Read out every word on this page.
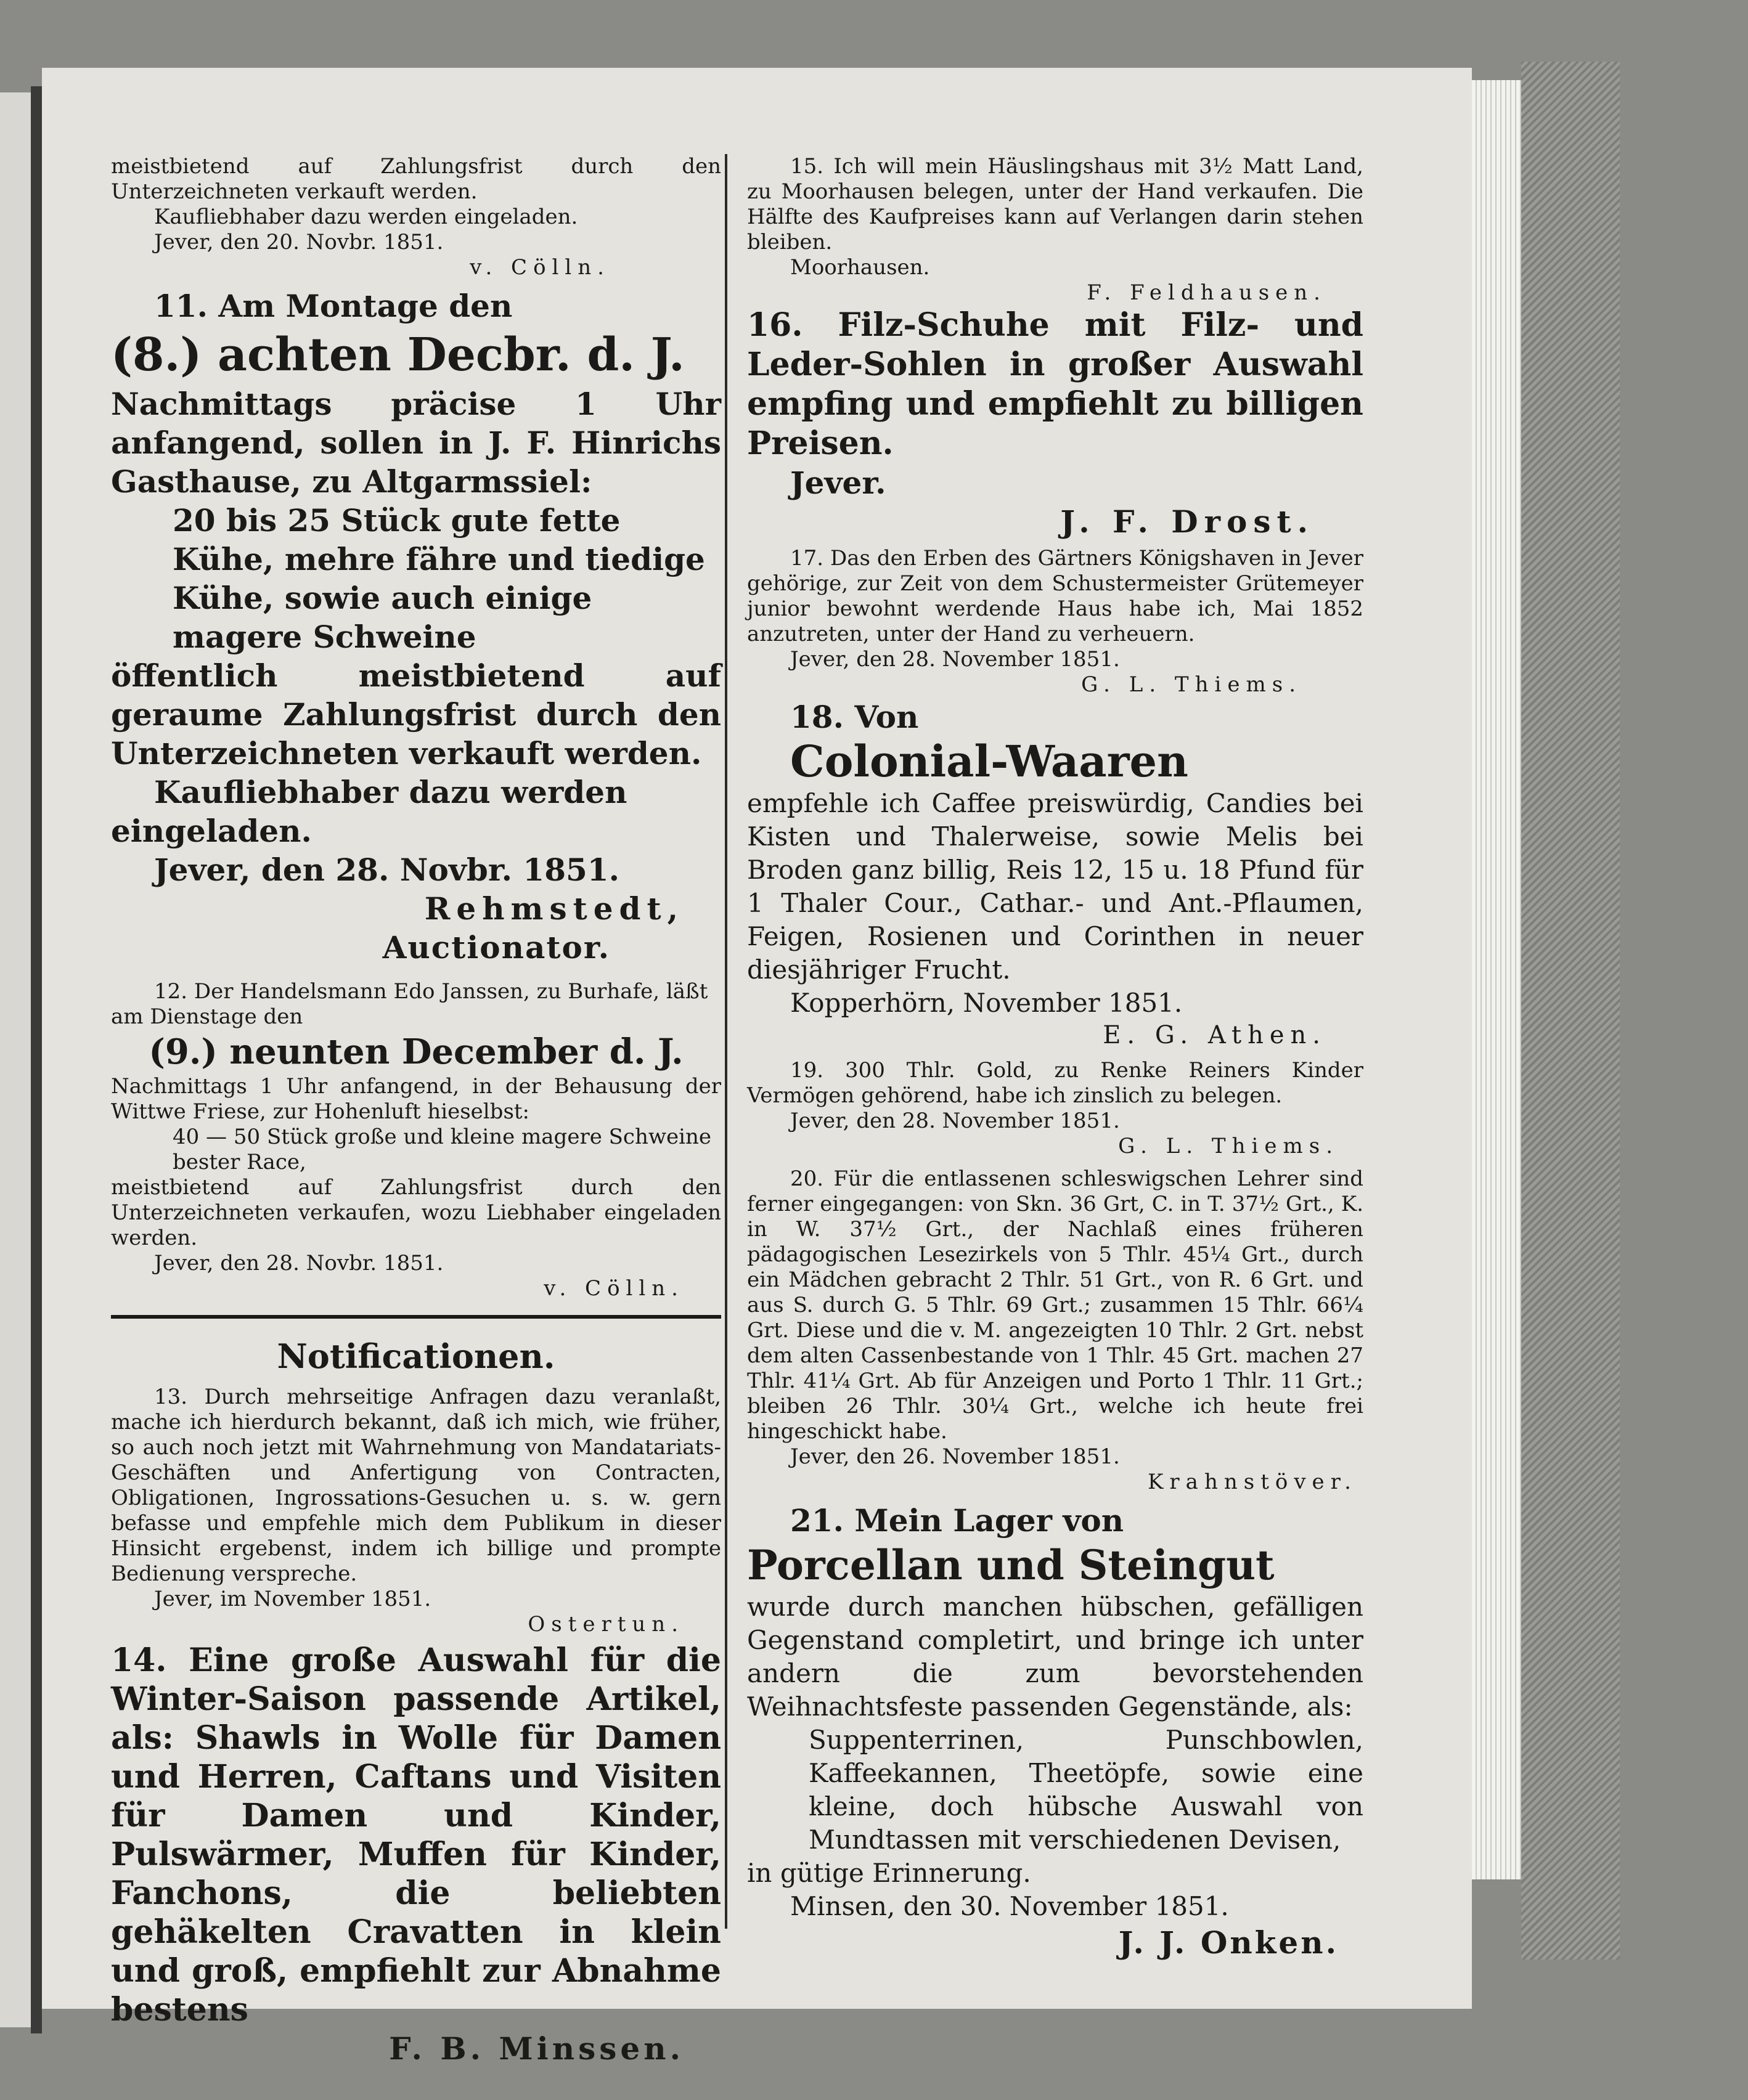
meistbietend auf Zahlungsfrist durch den Unterzeichneten verkauft werden.

Kaufliebhaber dazu werden eingeladen.

Jever, den 20. Novbr. 1851.

v. Cölln.

11. Am Montage den

(8.) achten Decbr. d. J.

Nachmittags präcise 1 Uhr anfangend, sollen in J. F. Hinrichs Gasthause, zu Altgarmssiel:

20 bis 25 Stück gute fette Kühe, mehre fähre und tiedige Kühe, sowie auch einige magere Schweine

öffentlich meistbietend auf geraume Zahlungsfrist durch den Unterzeichneten verkauft werden.

Kaufliebhaber dazu werden eingeladen.

Jever, den 28. Novbr. 1851.

Rehmstedt,

Auctionator.

12. Der Handelsmann Edo Janssen, zu Burhafe, läßt am Dienstage den

(9.) neunten December d. J.

Nachmittags 1 Uhr anfangend, in der Behausung der Wittwe Friese, zur Hohenluft hieselbst:

40 — 50 Stück große und kleine magere Schweine bester Race,

meistbietend auf Zahlungsfrist durch den Unterzeichneten verkaufen, wozu Liebhaber eingeladen werden.

Jever, den 28. Novbr. 1851.

v. Cölln.

Notificationen.

13. Durch mehrseitige Anfragen dazu veranlaßt, mache ich hierdurch bekannt, daß ich mich, wie früher, so auch noch jetzt mit Wahrnehmung von Mandatariats-Geschäften und Anfertigung von Contracten, Obligationen, Ingrossations-Gesuchen u. s. w. gern befasse und empfehle mich dem Publikum in dieser Hinsicht ergebenst, indem ich billige und prompte Bedienung verspreche.

Jever, im November 1851.

Ostertun.

14. Eine große Auswahl für die Winter-Saison passende Artikel, als: Shawls in Wolle für Damen und Herren, Caftans und Visiten für Damen und Kinder, Pulswärmer, Muffen für Kinder, Fanchons, die beliebten gehäkelten Cravatten in klein und groß, empfiehlt zur Abnahme bestens

F. B. Minssen.

15. Ich will mein Häuslingshaus mit 3½ Matt Land, zu Moorhausen belegen, unter der Hand verkaufen. Die Hälfte des Kaufpreises kann auf Verlangen darin stehen bleiben.

Moorhausen.

F. Feldhausen.

16. Filz-Schuhe mit Filz- und Leder-Sohlen in großer Auswahl empfing und empfiehlt zu billigen Preisen.

Jever.

J. F. Drost.

17. Das den Erben des Gärtners Königshaven in Jever gehörige, zur Zeit von dem Schustermeister Grütemeyer junior bewohnt werdende Haus habe ich, Mai 1852 anzutreten, unter der Hand zu verheuern.

Jever, den 28. November 1851.

G. L. Thiems.

18. Von

Colonial-Waaren

empfehle ich Caffee preiswürdig, Candies bei Kisten und Thalerweise, sowie Melis bei Broden ganz billig, Reis 12, 15 u. 18 Pfund für 1 Thaler Cour., Cathar.- und Ant.-Pflaumen, Feigen, Rosienen und Corinthen in neuer diesjähriger Frucht.

Kopperhörn, November 1851.

E. G. Athen.

19. 300 Thlr. Gold, zu Renke Reiners Kinder Vermögen gehörend, habe ich zinslich zu belegen.

Jever, den 28. November 1851.

G. L. Thiems.

20. Für die entlassenen schleswigschen Lehrer sind ferner eingegangen: von Skn. 36 Grt, C. in T. 37½ Grt., K. in W. 37½ Grt., der Nachlaß eines früheren pädagogischen Lesezirkels von 5 Thlr. 45¼ Grt., durch ein Mädchen gebracht 2 Thlr. 51 Grt., von R. 6 Grt. und aus S. durch G. 5 Thlr. 69 Grt.; zusammen 15 Thlr. 66¼ Grt. Diese und die v. M. angezeigten 10 Thlr. 2 Grt. nebst dem alten Cassenbestande von 1 Thlr. 45 Grt. machen 27 Thlr. 41¼ Grt. Ab für Anzeigen und Porto 1 Thlr. 11 Grt.; bleiben 26 Thlr. 30¼ Grt., welche ich heute frei hingeschickt habe.

Jever, den 26. November 1851.

Krahnstöver.

21. Mein Lager von

Porcellan und Steingut

wurde durch manchen hübschen, gefälligen Gegenstand completirt, und bringe ich unter andern die zum bevorstehenden Weihnachtsfeste passenden Gegenstände, als:

Suppenterrinen, Punschbowlen, Kaffeekannen, Theetöpfe, sowie eine kleine, doch hübsche Auswahl von Mundtassen mit verschiedenen Devisen,

in gütige Erinnerung.

Minsen, den 30. November 1851.

J. J. Onken.
